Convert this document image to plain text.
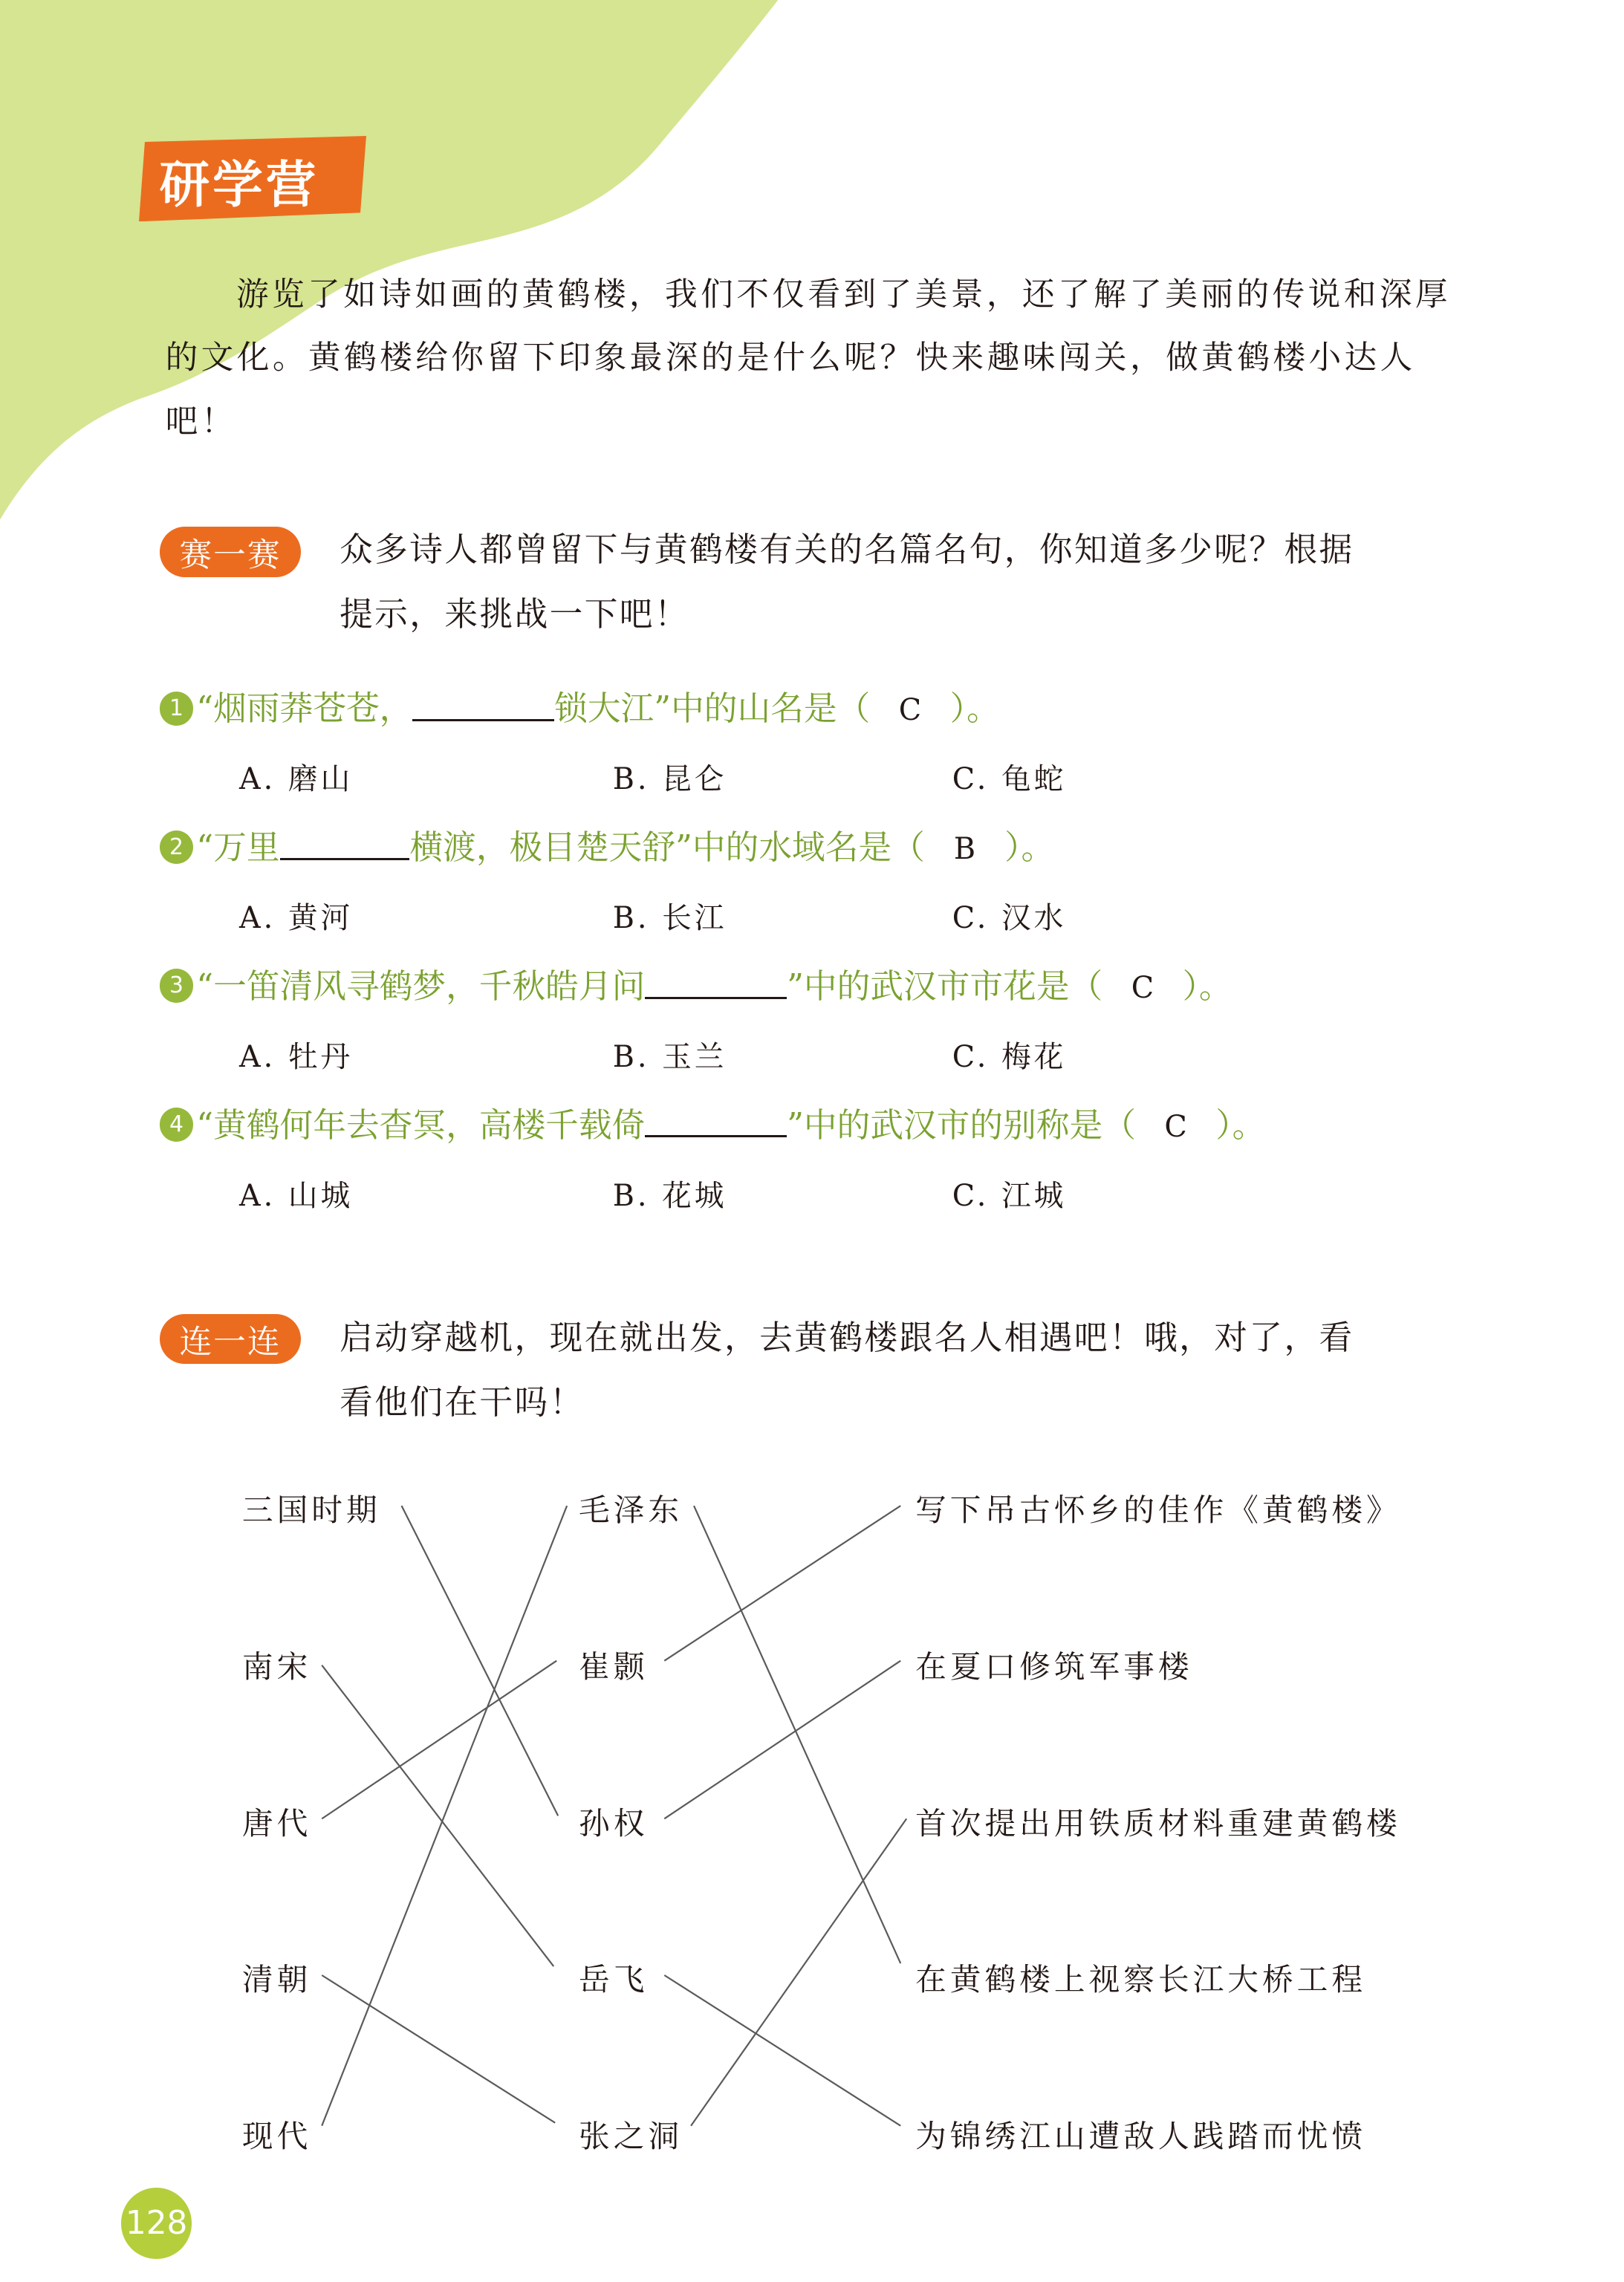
研学营

游览了如诗如画的黄鹤楼，我们不仅看到了美景，还了解了美丽的传说和深厚的文化。黄鹤楼给你留下印象最深的是什么呢？快来趣味闯关，做黄鹤楼小达人吧！

赛一赛	众多诗人都曾留下与黄鹤楼有关的名篇名句，你知道多少呢？根据
提示，来挑战一下吧！
1 “烟雨莽苍苍，	锁大江”中的山名是（ C ）。
A. 磨山	B. 昆仑	C. 龟蛇
2 “万里	横渡，极目楚天舒”中的水域名是（ B ）。
A. 黄河	B. 长江	C. 汉水
3 “一笛清风寻鹤梦，千秋皓月问	”中的武汉市市花是（ C ）。
A. 牡丹	B. 玉兰	C. 梅花
4 “黄鹤何年去杳冥，高楼千载倚	”中的武汉市的别称是（ C ）。
A. 山城	B. 花城	C. 江城
连一连	启动穿越机，现在就出发，去黄鹤楼跟名人相遇吧！哦，对了，看
看他们在干吗！
三国时期
南宋
唐代
清朝
现代
毛泽东
崔颢
孙权
岳飞
张之洞
写下吊古怀乡的佳作《黄鹤楼》
在夏口修筑军事楼
首次提出用铁质材料重建黄鹤楼
在黄鹤楼上视察长江大桥工程
为锦绣江山遭敌人践踏而忧愤
128
